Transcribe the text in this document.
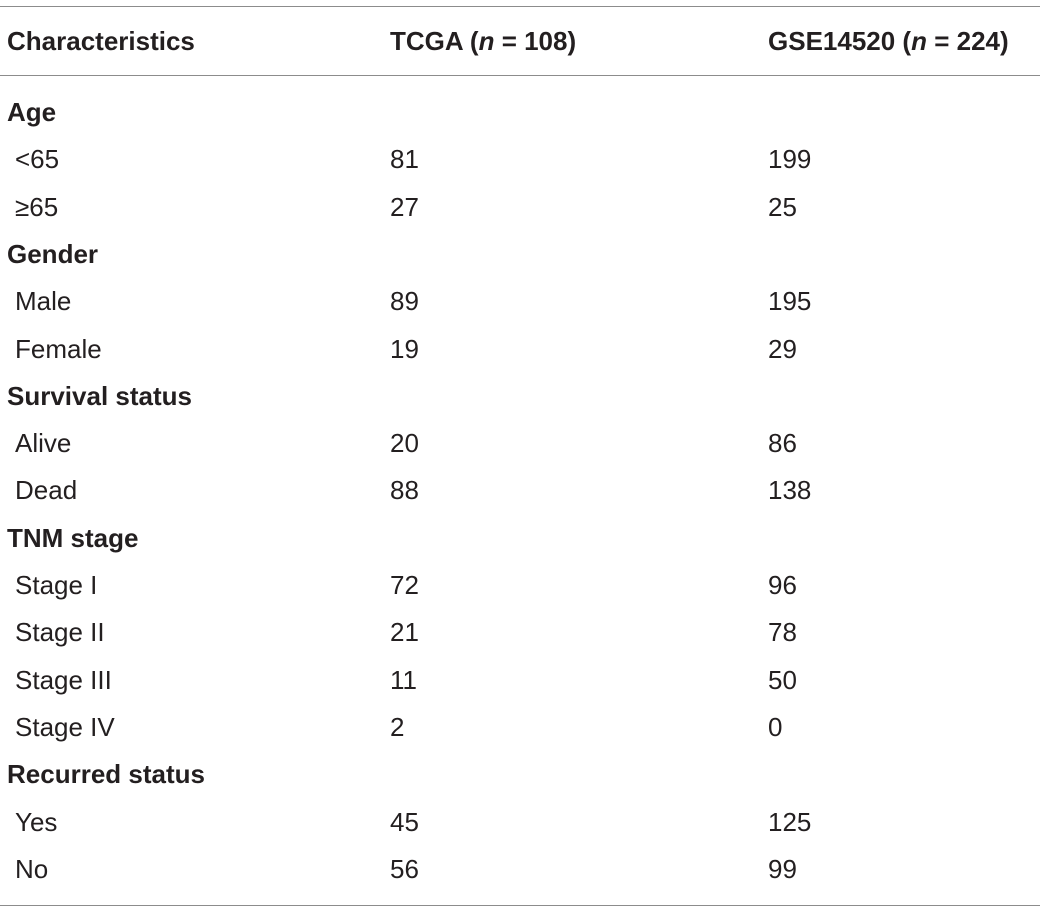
Characteristics	TCGA (n = 108)	GSE14520 (n = 224)
Age
<65	81	199
≥65	27	25
Gender
Male	89	195
Female	19	29
Survival status
Alive	20	86
Dead	88	138
TNM stage
Stage I	72	96
Stage II	21	78
Stage III	11	50
Stage IV	2	0
Recurred status
Yes	45	125
No	56	99
